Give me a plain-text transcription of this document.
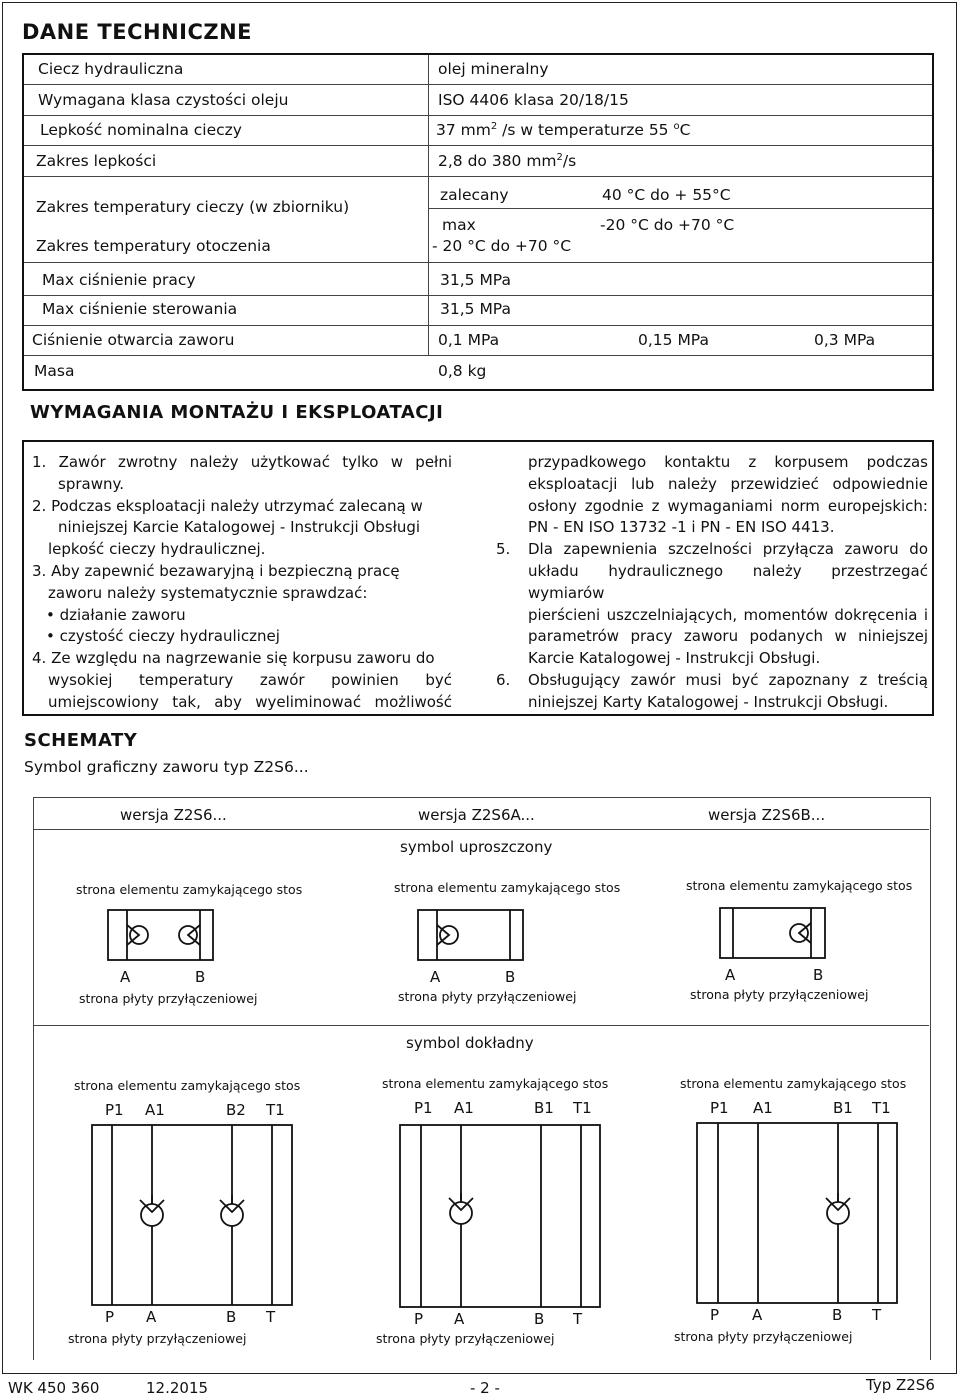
DANE TECHNICZNE
Ciecz hydrauliczna	olej mineralny
Wymagana klasa czystości oleju	ISO 4406 klasa 20/18/15
Lepkość nominalna cieczy	37 $mm^2$ /s w temperaturze 55 $^o$C
Zakres lepkości	2,8 do 380 $mm^2/s$
Zakres temperatury cieczy (w zbiorniku)
zalecany	40 °C do + 55°C
max	-20 °C do +70 °C
Zakres temperatury otoczenia	- 20 °C do +70 °C
Max ciśnienie pracy	31,5 MPa
Max ciśnienie sterowania	31,5 MPa
Ciśnienie otwarcia zaworu	0,1 MPa	0,15 MPa	0,3 MPa
Masa	0,8 kg
WYMAGANIA MONTAŻU I EKSPLOATACJI

1. Zawór zwrotny należy użytkować tylko w pełni

sprawny.

2. Podczas eksploatacji należy utrzymać zalecaną w

niniejszej Karcie Katalogowej - Instrukcji Obsługi

lepkość cieczy hydraulicznej.

3. Aby zapewnić bezawaryjną i bezpieczną pracę

zaworu należy systematycznie sprawdzać:

• działanie zaworu

• czystość cieczy hydraulicznej

4. Ze względu na nagrzewanie się korpusu zaworu do

wysokiej temperatury zawór powinien być

umiejscowiony tak, aby wyeliminować możliwość

przypadkowego kontaktu z korpusem podczas

eksploatacji lub należy przewidzieć odpowiednie

osłony zgodnie z wymaganiami norm europejskich:

PN - EN ISO 13732 -1 i PN - EN ISO 4413.

5. Dla zapewnienia szczelności przyłącza zaworu do

układu hydraulicznego należy przestrzegać wymiarów

pierścieni uszczelniających, momentów dokręcenia i

parametrów pracy zaworu podanych w niniejszej

Karcie Katalogowej - Instrukcji Obsługi.

6. Obsługujący zawór musi być zapoznany z treścią

niniejszej Karty Katalogowej - Instrukcji Obsługi.

SCHEMATY
Symbol graficzny zaworu typ Z2S6...
wersja Z2S6...	wersja Z2S6A...	wersja Z2S6B...
symbol uproszczony
strona elementu zamykającego stos	strona elementu zamykającego stos	strona elementu zamykającego stos
A	B	A	B	A	B
strona płyty przyłączeniowej	strona płyty przyłączeniowej	strona płyty przyłączeniowej
symbol dokładny
strona elementu zamykającego stos	strona elementu zamykającego stos	strona elementu zamykającego stos
P1 A1	B2 T1	P1 A1	B1 T1	P1 A1	B1 T1
P A	B T	P A	B T	P A	B T
strona płyty przyłączeniowej	strona płyty przyłączeniowej	strona płyty przyłączeniowej
WK 450 360	12.2015	- 2 -	Typ Z2S6
